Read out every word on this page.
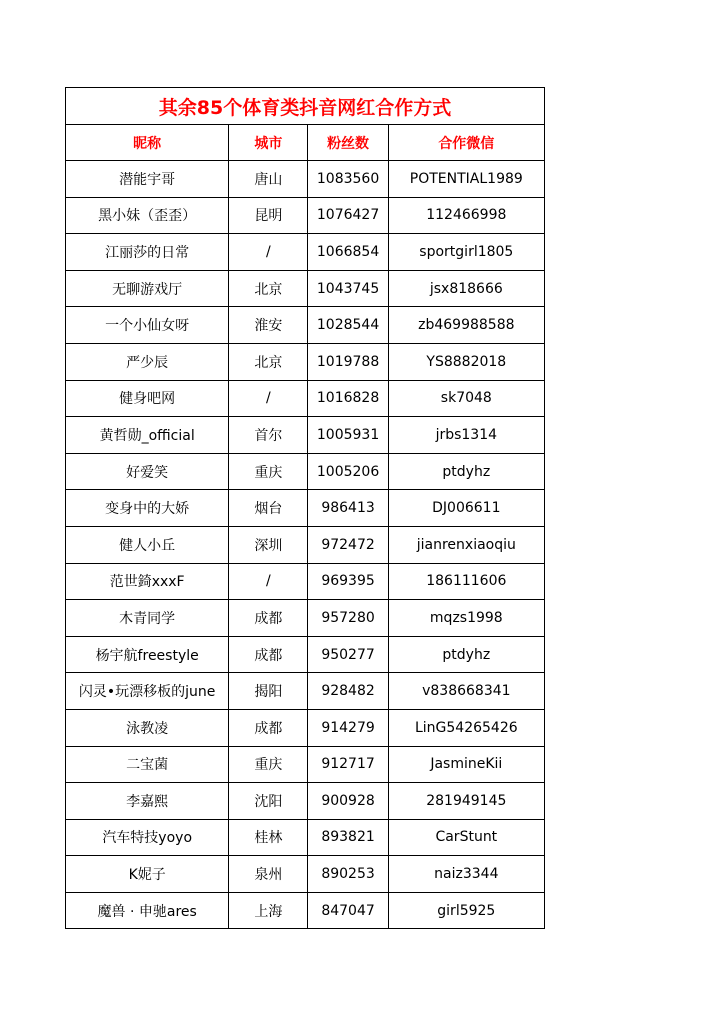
其余85个体育类抖音网红合作方式			
昵称	城市	粉丝数	合作微信
潜能宇哥	唐山	1083560	POTENTIAL1989
黑小妹（歪歪）	昆明	1076427	112466998
江丽莎的日常	/	1066854	sportgirl1805
无聊游戏厅	北京	1043745	jsx818666
一个小仙女呀	淮安	1028544	zb469988588
严少辰	北京	1019788	YS8882018
健身吧网	/	1016828	sk7048
黄哲勋_official	首尔	1005931	jrbs1314
好爱笑	重庆	1005206	ptdyhz
变身中的大娇	烟台	986413	DJ006611
健人小丘	深圳	972472	jianrenxiaoqiu
范世錡xxxF	/	969395	186111606
木青同学	成都	957280	mqzs1998
杨宇航freestyle	成都	950277	ptdyhz
闪灵•玩漂移板的june	揭阳	928482	v838668341
泳教凌	成都	914279	LinG54265426
二宝菌	重庆	912717	JasmineKii
李嘉熙	沈阳	900928	281949145
汽车特技yoyo	桂林	893821	CarStunt
K妮子	泉州	890253	naiz3344
魔兽 · 申驰ares	上海	847047	girl5925
